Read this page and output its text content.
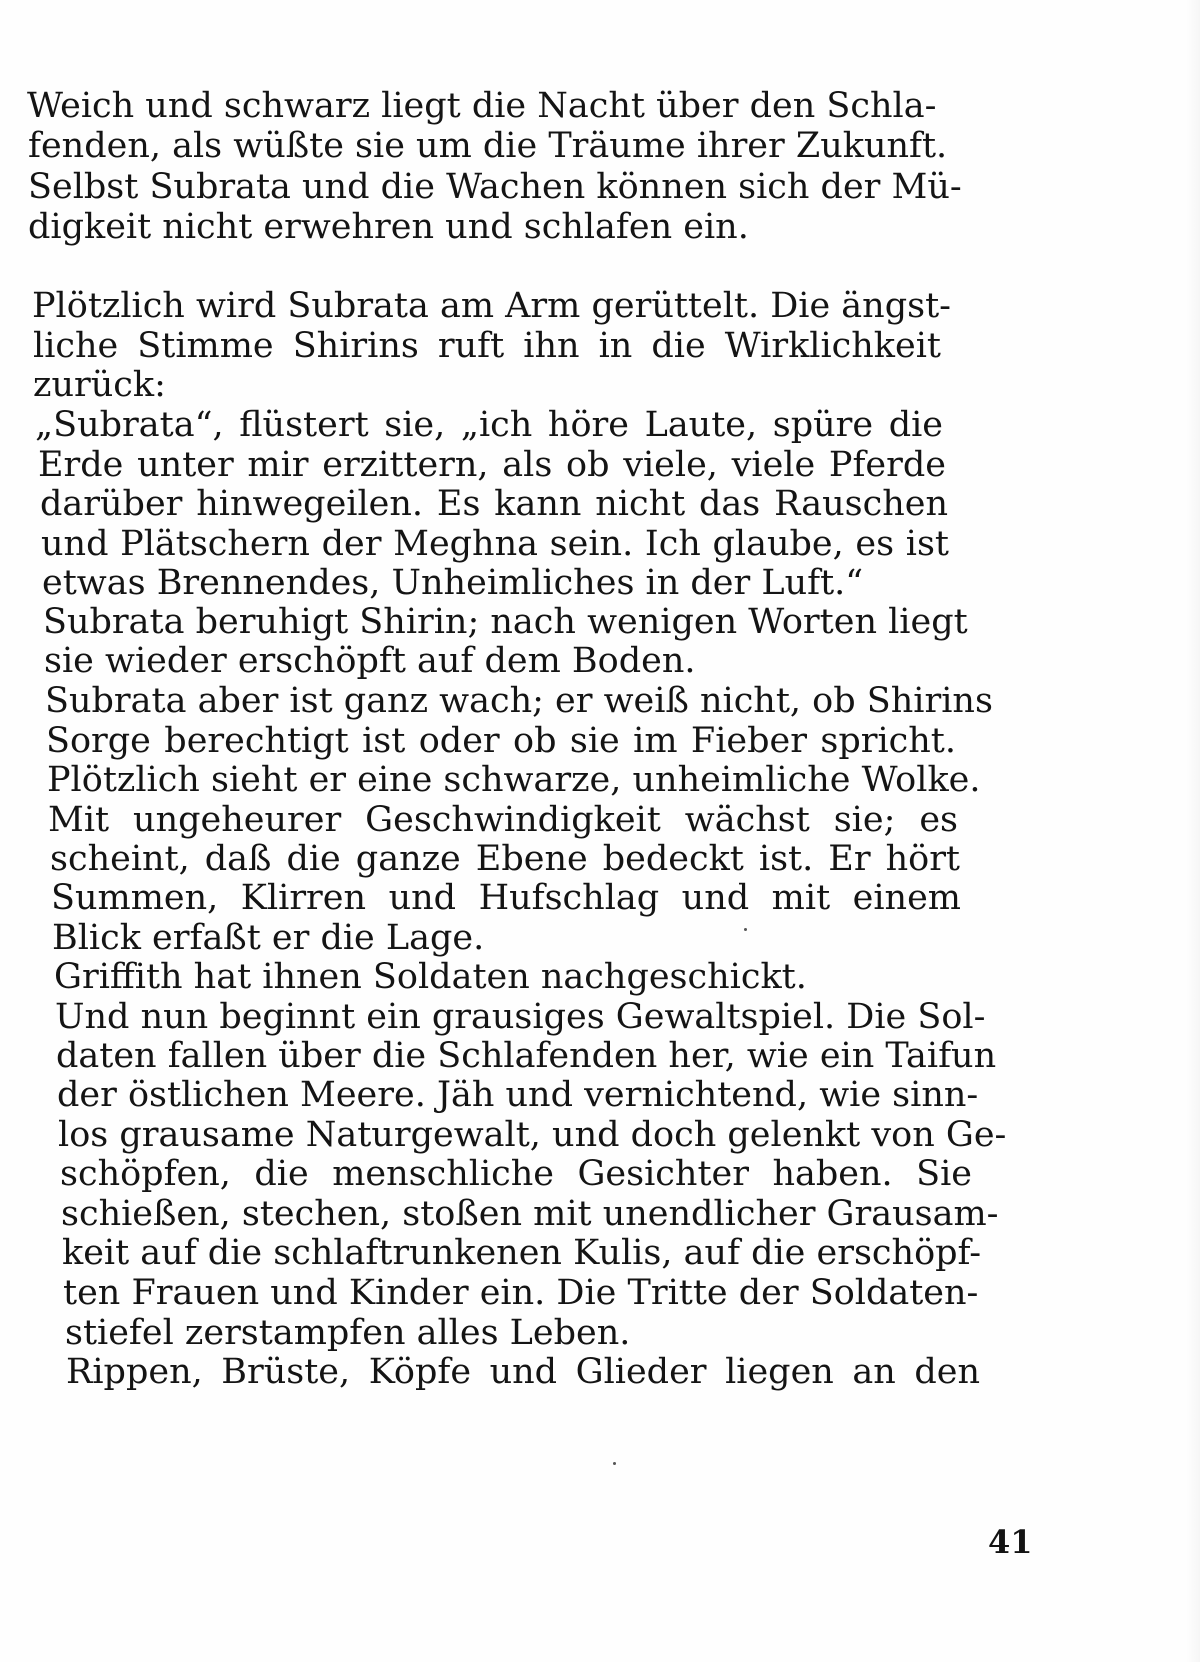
Weich und schwarz liegt die Nacht über den Schla-

fenden, als wüßte sie um die Träume ihrer Zukunft.

Selbst Subrata und die Wachen können sich der Mü-

digkeit nicht erwehren und schlafen ein.

Plötzlich wird Subrata am Arm gerüttelt. Die ängst-

liche Stimme Shirins ruft ihn in die Wirklichkeit

zurück:

„Subrata“, flüstert sie, „ich höre Laute, spüre die

Erde unter mir erzittern, als ob viele, viele Pferde

darüber hinwegeilen. Es kann nicht das Rauschen

und Plätschern der Meghna sein. Ich glaube, es ist

etwas Brennendes, Unheimliches in der Luft.“

Subrata beruhigt Shirin; nach wenigen Worten liegt

sie wieder erschöpft auf dem Boden.

Subrata aber ist ganz wach; er weiß nicht, ob Shirins

Sorge berechtigt ist oder ob sie im Fieber spricht.

Plötzlich sieht er eine schwarze, unheimliche Wolke.

Mit ungeheurer Geschwindigkeit wächst sie; es

scheint, daß die ganze Ebene bedeckt ist. Er hört

Summen, Klirren und Hufschlag und mit einem

Blick erfaßt er die Lage.

Griffith hat ihnen Soldaten nachgeschickt.

Und nun beginnt ein grausiges Gewaltspiel. Die Sol-

daten fallen über die Schlafenden her, wie ein Taifun

der östlichen Meere. Jäh und vernichtend, wie sinn-

los grausame Naturgewalt, und doch gelenkt von Ge-

schöpfen, die menschliche Gesichter haben. Sie

schießen, stechen, stoßen mit unendlicher Grausam-

keit auf die schlaftrunkenen Kulis, auf die erschöpf-

ten Frauen und Kinder ein. Die Tritte der Soldaten-

stiefel zerstampfen alles Leben.

Rippen, Brüste, Köpfe und Glieder liegen an den

41
